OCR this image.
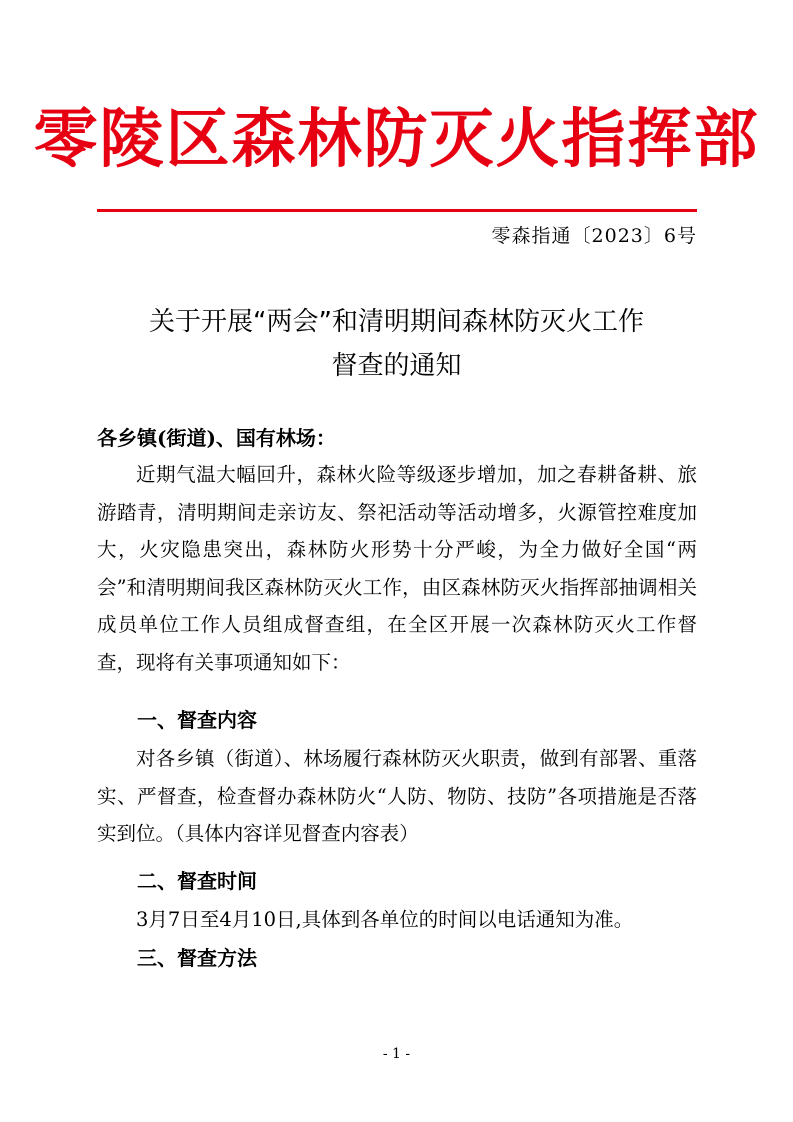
零陵区森林防灭火指挥部
零森指通〔2023〕6号
关于开展“两会”和清明期间森林防灭火工作
督查的通知
各乡镇(街道)、国有林场：
近期气温大幅回升，森林火险等级逐步增加，加之春耕备耕、旅游踏青，清明期间走亲访友、祭祀活动等活动增多，火源管控难度加大，火灾隐患突出，森林防火形势十分严峻，为全力做好全国“两会”和清明期间我区森林防灭火工作，由区森林防灭火指挥部抽调相关成员单位工作人员组成督查组，在全区开展一次森林防灭火工作督查，现将有关事项通知如下：
一、督查内容
对各乡镇（街道）、林场履行森林防灭火职责，做到有部署、重落实、严督查，检查督办森林防火“人防、物防、技防”各项措施是否落实到位。（具体内容详见督查内容表）
二、督查时间
3月7日至4月10日,具体到各单位的时间以电话通知为准。
三、督查方法
- 1 -
